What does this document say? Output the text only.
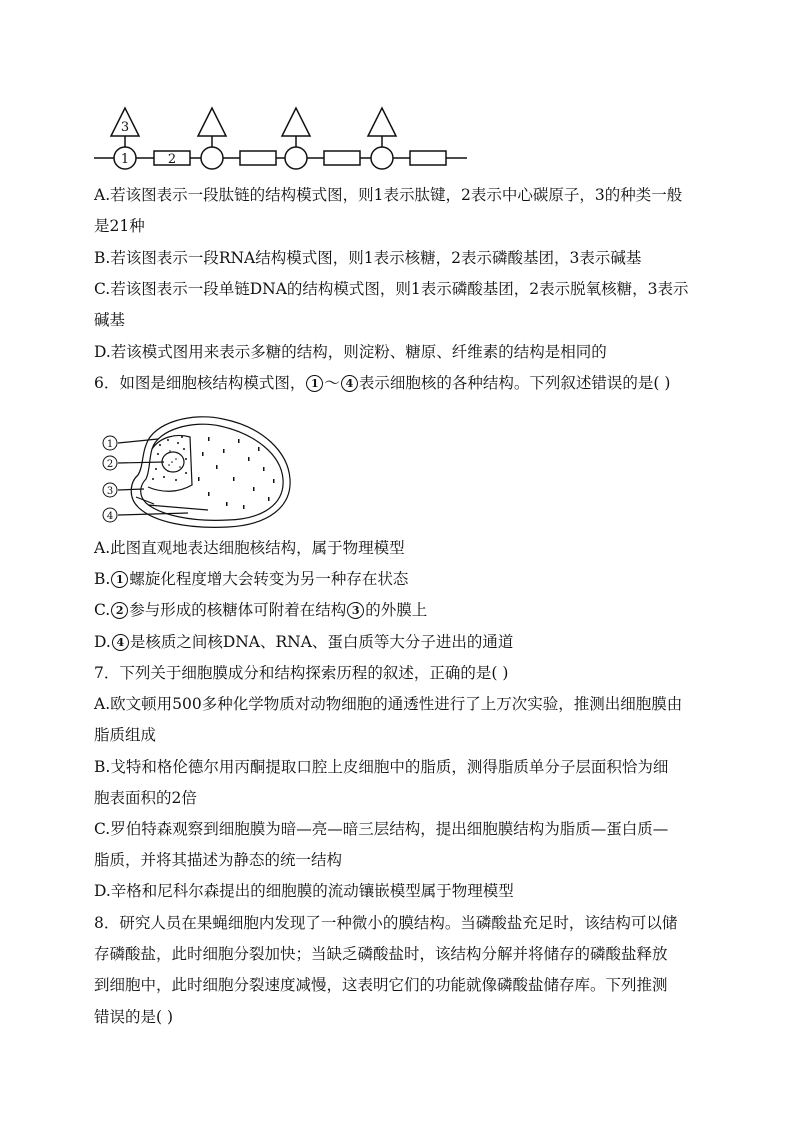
1	2
3
A.若该图表示一段肽链的结构模式图，则1表示肽键，2表示中心碳原子，3的种类一般
是21种
B.若该图表示一段RNA结构模式图，则1表示核糖，2表示磷酸基团，3表示碱基
C.若该图表示一段单链DNA的结构模式图，则1表示磷酸基团，2表示脱氧核糖，3表示
碱基
D.若该模式图用来表示多糖的结构，则淀粉、糖原、纤维素的结构是相同的
6．如图是细胞核结构模式图， 1 ～ 4 表示细胞核的各种结构。下列叙述错误的是( )
1
2
3
4
A.此图直观地表达细胞核结构，属于物理模型
B. 1 螺旋化程度增大会转变为另一种存在状态
C. 2 参与形成的核糖体可附着在结构 3 的外膜上
D. 4 是核质之间核DNA、RNA、蛋白质等大分子进出的通道
7．下列关于细胞膜成分和结构探索历程的叙述，正确的是( )
A.欧文顿用500多种化学物质对动物细胞的通透性进行了上万次实验，推测出细胞膜由
脂质组成
B.戈特和格伦德尔用丙酮提取口腔上皮细胞中的脂质，测得脂质单分子层面积恰为细
胞表面积的2倍
C.罗伯特森观察到细胞膜为暗—亮—暗三层结构，提出细胞膜结构为脂质—蛋白质—
脂质，并将其描述为静态的统一结构
D.辛格和尼科尔森提出的细胞膜的流动镶嵌模型属于物理模型
8．研究人员在果蝇细胞内发现了一种微小的膜结构。当磷酸盐充足时，该结构可以储
存磷酸盐，此时细胞分裂加快；当缺乏磷酸盐时，该结构分解并将储存的磷酸盐释放
到细胞中，此时细胞分裂速度减慢，这表明它们的功能就像磷酸盐储存库。下列推测
错误的是( )
